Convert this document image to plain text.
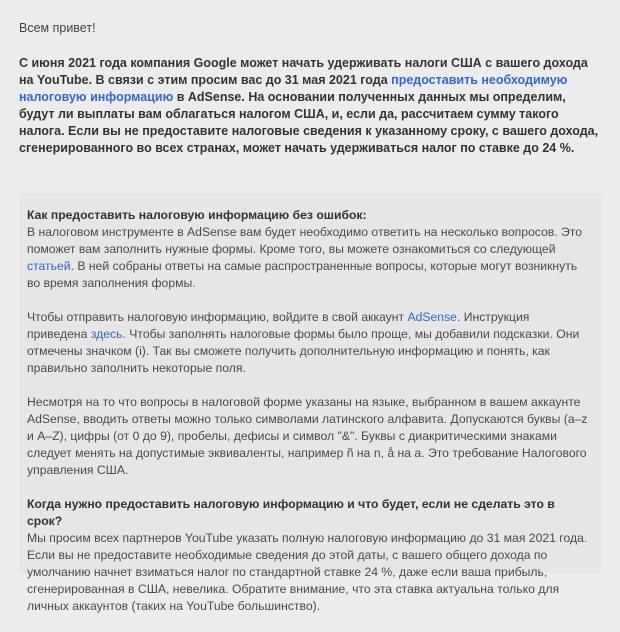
Всем привет!
С июня 2021 года компания Google может начать удерживать налоги США с вашего дохода на YouTube. В связи с этим просим вас до 31 мая 2021 года предоставить необходимую налоговую информацию в AdSense. На основании полученных данных мы определим, будут ли выплаты вам облагаться налогом США, и, если да, рассчитаем сумму такого налога. Если вы не предоставите налоговые сведения к указанному сроку, с вашего дохода, сгенерированного во всех странах, может начать удерживаться налог по ставке до 24 %.

Как предоставить налоговую информацию без ошибок:
В налоговом инструменте в AdSense вам будет необходимо ответить на несколько вопросов. Это поможет вам заполнить нужные формы. Кроме того, вы можете ознакомиться со следующей статьей. В ней собраны ответы на самые распространенные вопросы, которые могут возникнуть во время заполнения формы.

Чтобы отправить налоговую информацию, войдите в свой аккаунт AdSense. Инструкция приведена здесь. Чтобы заполнять налоговые формы было проще, мы добавили подсказки. Они отмечены значком (i). Так вы сможете получить дополнительную информацию и понять, как правильно заполнить некоторые поля.

Несмотря на то что вопросы в налоговой форме указаны на языке, выбранном в вашем аккаунте AdSense, вводить ответы можно только символами латинского алфавита. Допускаются буквы (a–z и A–Z), цифры (от 0 до 9), пробелы, дефисы и символ "&". Буквы с диакритическими знаками следует менять на допустимые эквиваленты, например ñ на n, å на a. Это требование Налогового управления США.

Когда нужно предоставить налоговую информацию и что будет, если не сделать это в срок?
Мы просим всех партнеров YouTube указать полную налоговую информацию до 31 мая 2021 года. Если вы не предоставите необходимые сведения до этой даты, с вашего общего дохода по умолчанию начнет взиматься налог по стандартной ставке 24 %, даже если ваша прибыль, сгенерированная в США, невелика. Обратите внимание, что эта ставка актуальна только для личных аккаунтов (таких на YouTube большинство).
